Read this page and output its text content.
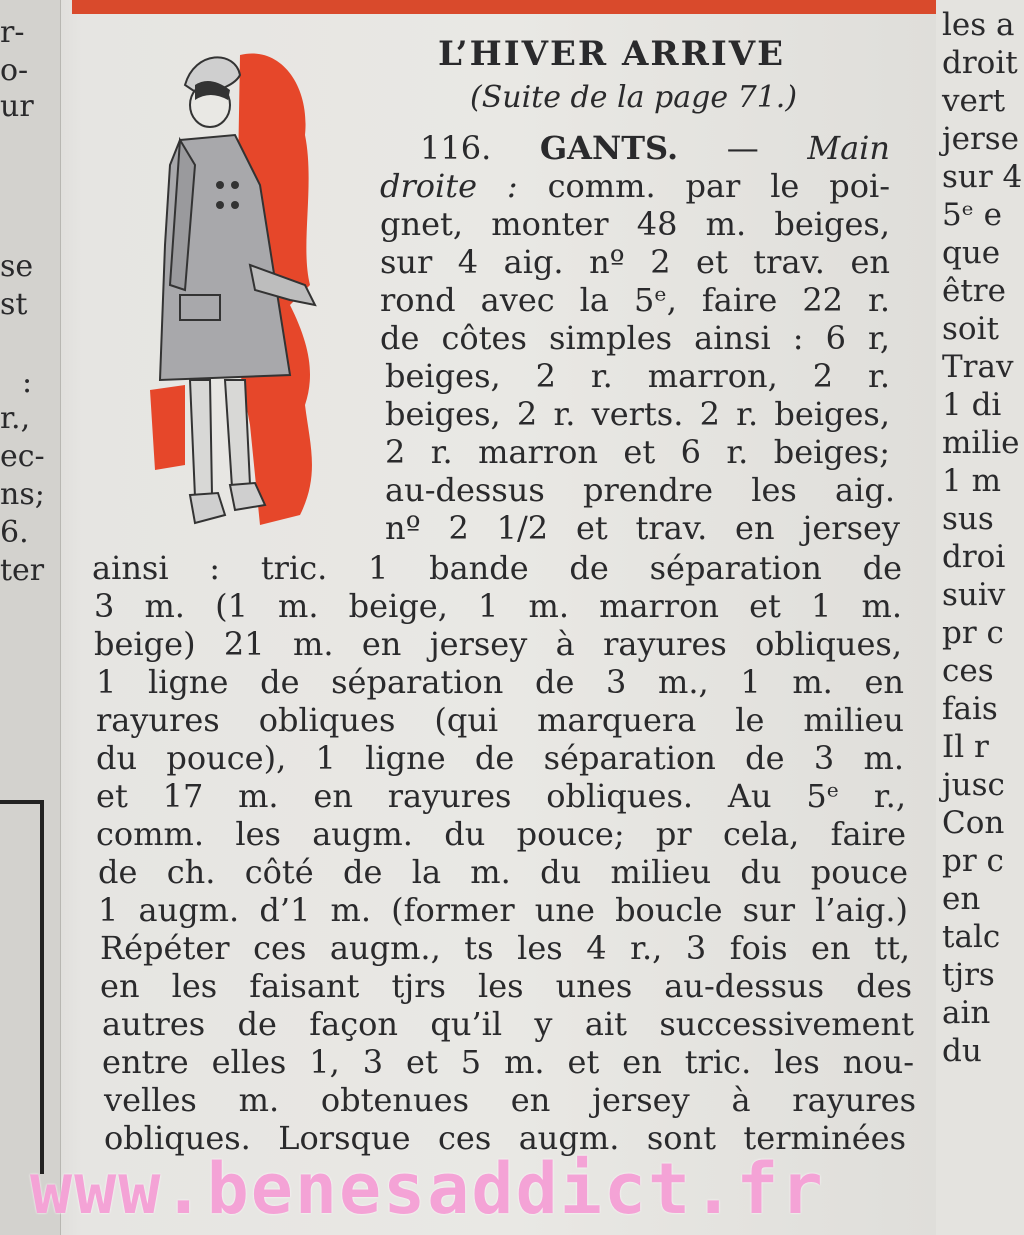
r-
o-
ur
se
st
:
r.,
ec-
ns;
6.
ter
les a
droit
vert
jerse
sur 4
5ᵉ e
que
être
soit
Trav
1 di
milie
1 m
sus
droi
suiv
pr c
ces
fais
Il r
jusc
Con
pr c
en
talc
tjrs
ain
du
L’HIVER ARRIVE
(Suite de la page 71.)
116. GANTS. — Main
droite : comm. par le poi-
gnet, monter 48 m. beiges,
sur 4 aig. nº 2 et trav. en
rond avec la 5ᵉ, faire 22 r.
de côtes simples ainsi : 6 r,
beiges, 2 r. marron, 2 r.
beiges, 2 r. verts. 2 r. beiges,
2 r. marron et 6 r. beiges;
au-dessus prendre les aig.
nº 2 1/2 et trav. en jersey
ainsi : tric. 1 bande de séparation de
3 m. (1 m. beige, 1 m. marron et 1 m.
beige) 21 m. en jersey à rayures obliques,
1 ligne de séparation de 3 m., 1 m. en
rayures obliques (qui marquera le milieu
du pouce), 1 ligne de séparation de 3 m.
et 17 m. en rayures obliques. Au 5ᵉ r.,
comm. les augm. du pouce; pr cela, faire
de ch. côté de la m. du milieu du pouce
1 augm. d’1 m. (former une boucle sur l’aig.)
Répéter ces augm., ts les 4 r., 3 fois en tt,
en les faisant tjrs les unes au-dessus des
autres de façon qu’il y ait successivement
entre elles 1, 3 et 5 m. et en tric. les nou-
velles m. obtenues en jersey à rayures
obliques. Lorsque ces augm. sont terminées
www.benesaddict.fr
